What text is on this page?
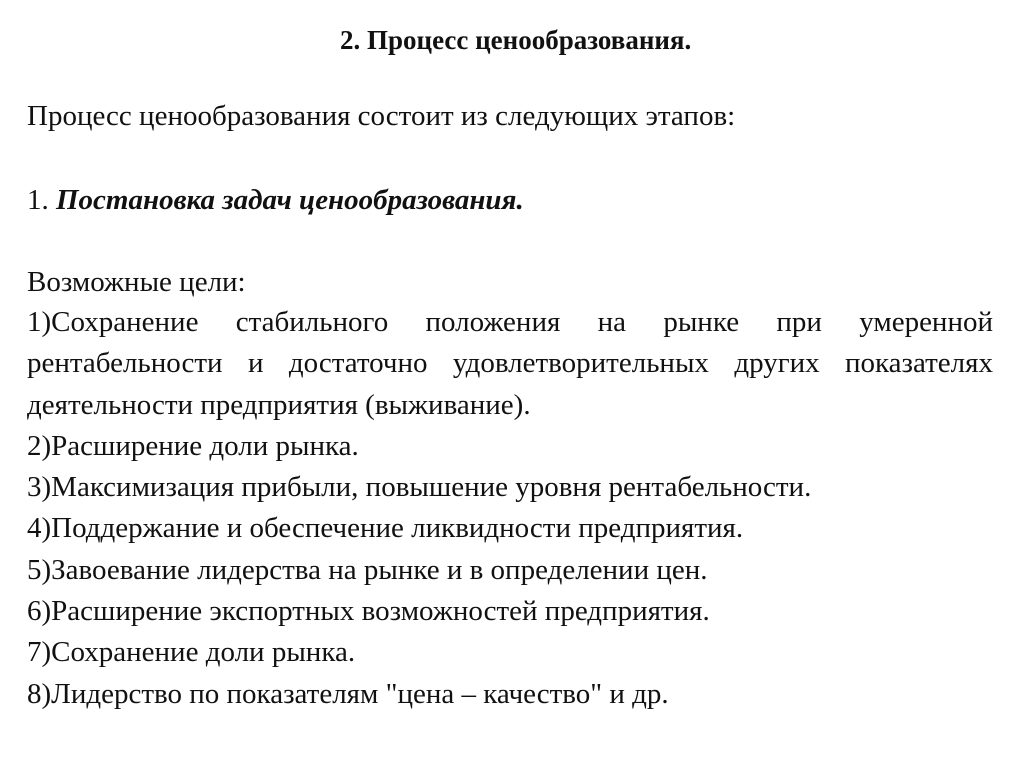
2. Процесс ценообразования.
Процесс ценообразования состоит из следующих этапов:
1. Постановка задач ценообразования.
Возможные цели:

1)Сохранение стабильного положения на рынке при умеренной рентабельности и достаточно удовлетворительных других показателях деятельности предприятия (выживание).

2)Расширение доли рынка.

3)Максимизация прибыли, повышение уровня рентабельности.

4)Поддержание и обеспечение ликвидности предприятия.

5)Завоевание лидерства на рынке и в определении цен.

6)Расширение экспортных возможностей предприятия.

7)Сохранение доли рынка.

8)Лидерство по показателям "цена – качество" и др.
